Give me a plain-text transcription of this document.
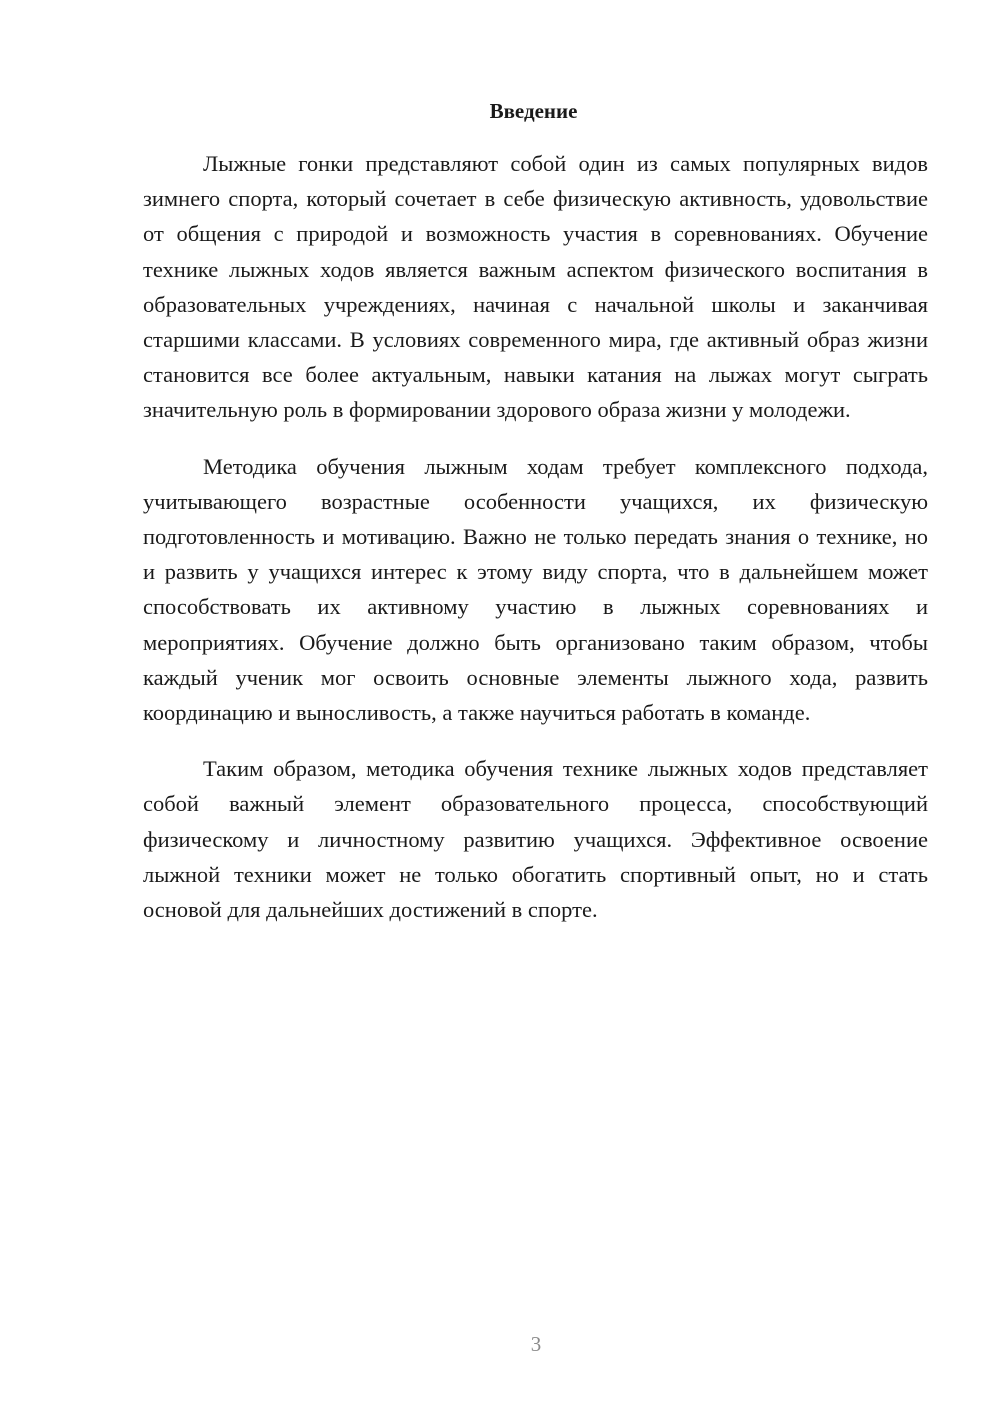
Введение

Лыжные гонки представляют собой один из самых популярных видов зимнего спорта, который сочетает в себе физическую активность, удовольствие от общения с природой и возможность участия в соревнованиях. Обучение технике лыжных ходов является важным аспектом физического воспитания в образовательных учреждениях, начиная с начальной школы и заканчивая старшими классами. В условиях современного мира, где активный образ жизни становится все более актуальным, навыки катания на лыжах могут сыграть значительную роль в формировании здорового образа жизни у молодежи.

Методика обучения лыжным ходам требует комплексного подхода, учитывающего возрастные особенности учащихся, их физическую подготовленность и мотивацию. Важно не только передать знания о технике, но и развить у учащихся интерес к этому виду спорта, что в дальнейшем может способствовать их активному участию в лыжных соревнованиях и мероприятиях. Обучение должно быть организовано таким образом, чтобы каждый ученик мог освоить основные элементы лыжного хода, развить координацию и выносливость, а также научиться работать в команде.

Таким образом, методика обучения технике лыжных ходов представляет собой важный элемент образовательного процесса, способствующий физическому и личностному развитию учащихся. Эффективное освоение лыжной техники может не только обогатить спортивный опыт, но и стать основой для дальнейших достижений в спорте.

3
